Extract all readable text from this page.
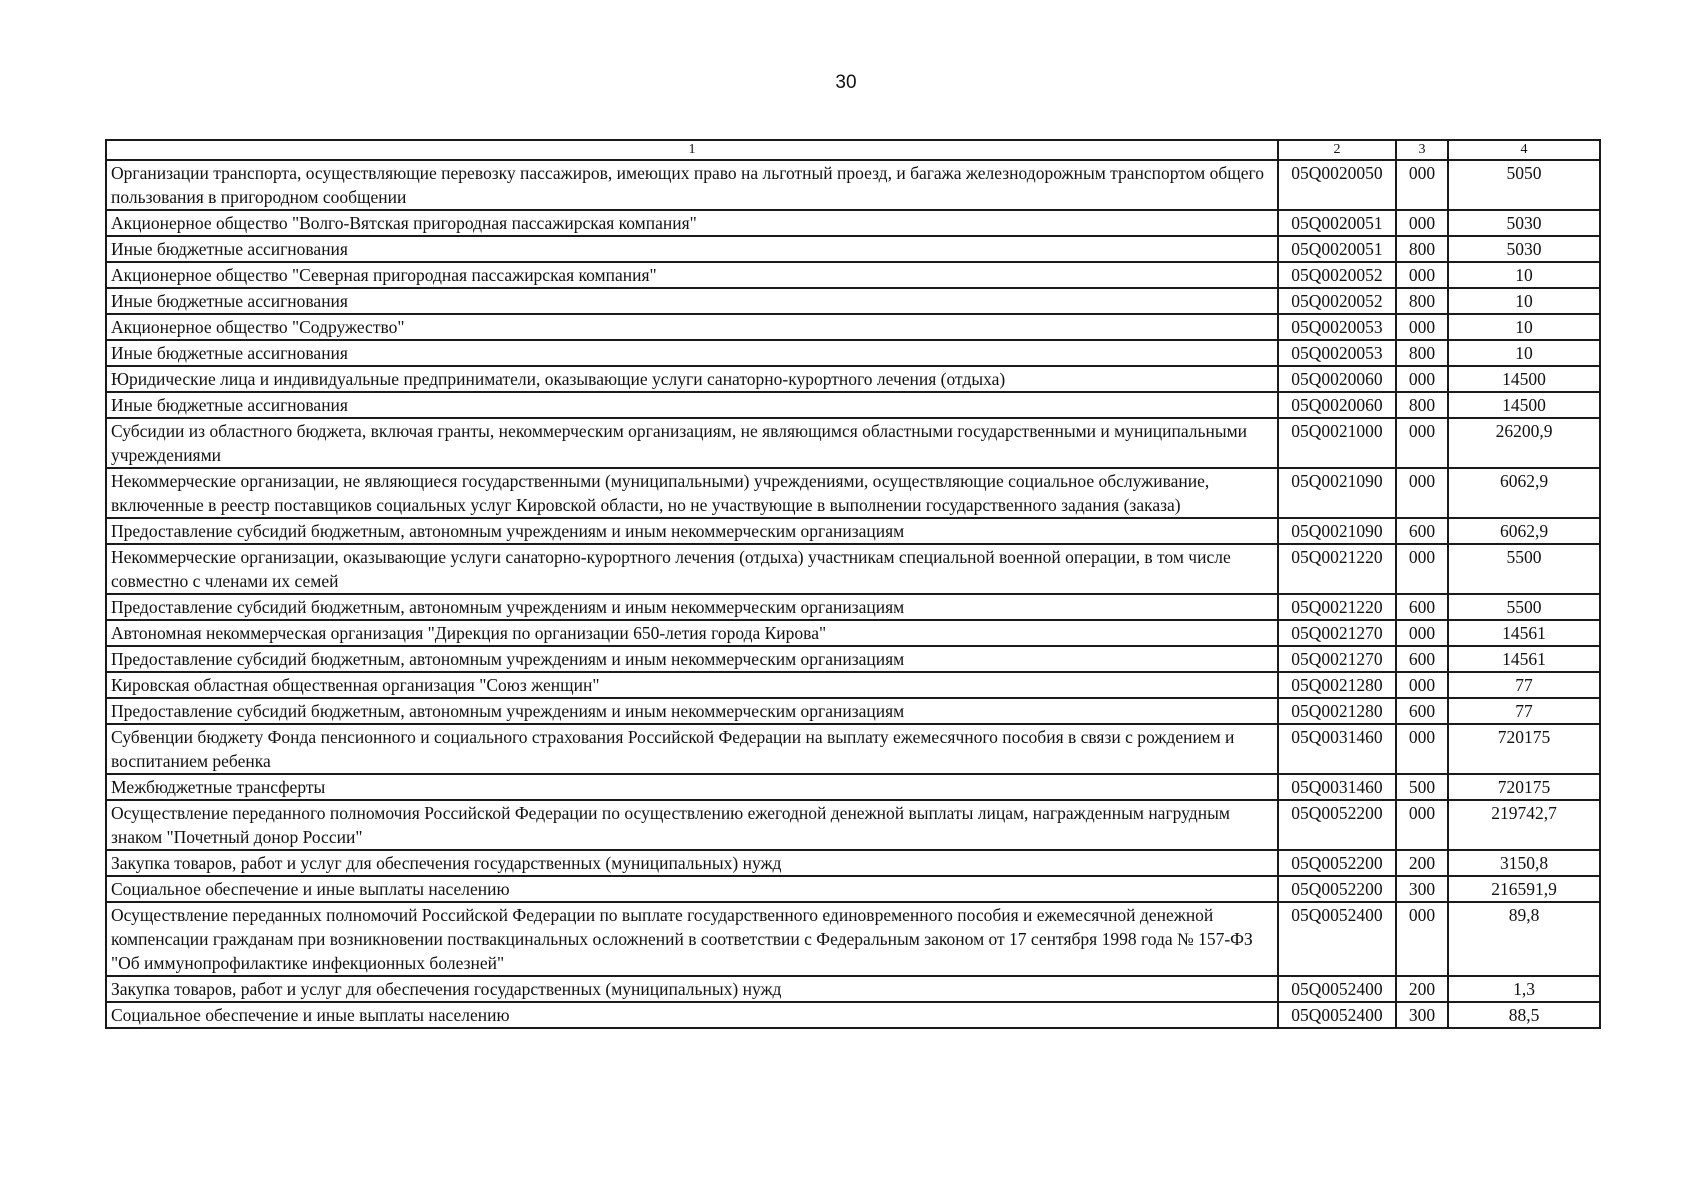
30
1	2	3	4
Организации транспорта, осуществляющие перевозку пассажиров, имеющих право на льготный проезд, и багажа железнодорожным транспортом общего пользования в пригородном сообщении	05Q0020050	000	5050
Акционерное общество "Волго-Вятская пригородная пассажирская компания"	05Q0020051	000	5030
Иные бюджетные ассигнования	05Q0020051	800	5030
Акционерное общество "Северная пригородная пассажирская компания"	05Q0020052	000	10
Иные бюджетные ассигнования	05Q0020052	800	10
Акционерное общество "Содружество"	05Q0020053	000	10
Иные бюджетные ассигнования	05Q0020053	800	10
Юридические лица и индивидуальные предприниматели, оказывающие услуги санаторно-курортного лечения (отдыха)	05Q0020060	000	14500
Иные бюджетные ассигнования	05Q0020060	800	14500
Субсидии из областного бюджета, включая гранты, некоммерческим организациям, не являющимся областными государственными и муниципальными учреждениями	05Q0021000	000	26200,9
Некоммерческие организации, не являющиеся государственными (муниципальными) учреждениями, осуществляющие социальное обслуживание, включенные в реестр поставщиков социальных услуг Кировской области, но не участвующие в выполнении государственного задания (заказа)	05Q0021090	000	6062,9
Предоставление субсидий бюджетным, автономным учреждениям и иным некоммерческим организациям	05Q0021090	600	6062,9
Некоммерческие организации, оказывающие услуги санаторно-курортного лечения (отдыха) участникам специальной военной операции, в том числе совместно с членами их семей	05Q0021220	000	5500
Предоставление субсидий бюджетным, автономным учреждениям и иным некоммерческим организациям	05Q0021220	600	5500
Автономная некоммерческая организация "Дирекция по организации 650-летия города Кирова"	05Q0021270	000	14561
Предоставление субсидий бюджетным, автономным учреждениям и иным некоммерческим организациям	05Q0021270	600	14561
Кировская областная общественная организация "Союз женщин"	05Q0021280	000	77
Предоставление субсидий бюджетным, автономным учреждениям и иным некоммерческим организациям	05Q0021280	600	77
Субвенции бюджету Фонда пенсионного и социального страхования Российской Федерации на выплату ежемесячного пособия в связи с рождением и воспитанием ребенка	05Q0031460	000	720175
Межбюджетные трансферты	05Q0031460	500	720175
Осуществление переданного полномочия Российской Федерации по осуществлению ежегодной денежной выплаты лицам, награжденным нагрудным знаком "Почетный донор России"	05Q0052200	000	219742,7
Закупка товаров, работ и услуг для обеспечения государственных (муниципальных) нужд	05Q0052200	200	3150,8
Социальное обеспечение и иные выплаты населению	05Q0052200	300	216591,9
Осуществление переданных полномочий Российской Федерации по выплате государственного единовременного пособия и ежемесячной денежной компенсации гражданам при возникновении поствакцинальных осложнений в соответствии с Федеральным законом от 17 сентября 1998 года № 157-ФЗ "Об иммунопрофилактике инфекционных болезней"	05Q0052400	000	89,8
Закупка товаров, работ и услуг для обеспечения государственных (муниципальных) нужд	05Q0052400	200	1,3
Социальное обеспечение и иные выплаты населению	05Q0052400	300	88,5
